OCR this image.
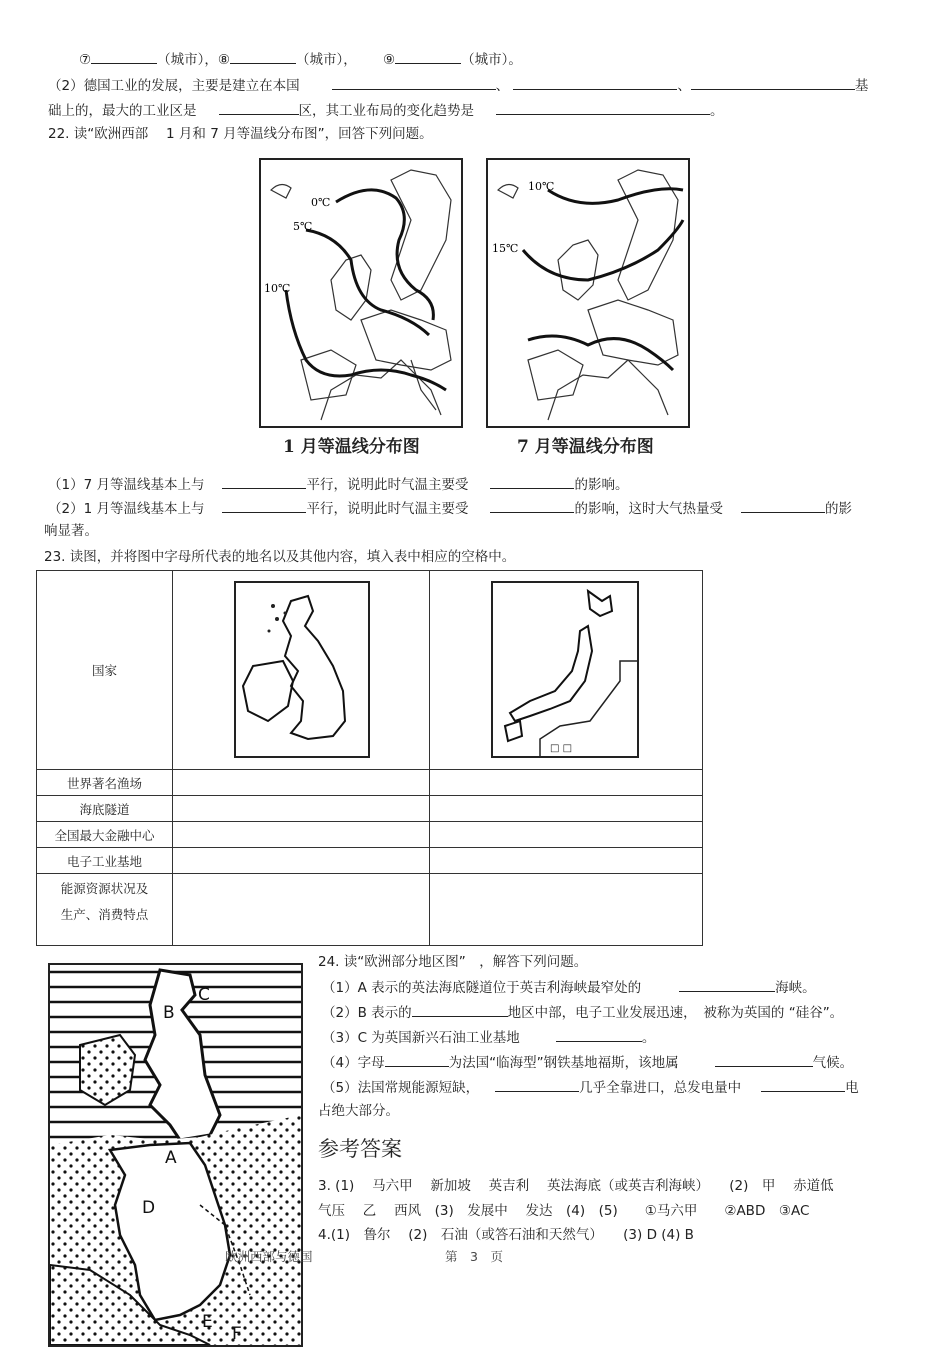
⑦	（城市），⑧	（城市）， ⑨	（城市）。
（2）德国工业的发展，主要是建立在本国	、	、	基
础上的，最大的工业区是	区，其工业布局的变化趋势是	。
22. 读“欧洲西部 　1 月和 7 月等温线分布图”，回答下列问题。
0℃
5℃
10℃
1 月等温线分布图
10℃
15℃
7 月等温线分布图
（1）7 月等温线基本上与	平行，说明此时气温主要受	的影响。
（2）1 月等温线基本上与	平行，说明此时气温主要受	的影响，这时大气热量受	的影
响显著。
23. 读图，并将图中字母所代表的地名以及其他内容，填入表中相应的空格中。
国家		□ □

世界著名渔场		
海底隧道		
全国最大金融中心		
电子工业基地		

能源资源状况及
生产、消费特点		

A
B
C
D
E
F
24. 读“欧洲部分地区图”　，解答下列问题。
（1）A 表示的英法海底隧道位于英吉利海峡最窄处的	海峡。
（2）B 表示的	地区中部，电子工业发展迅速，　被称为英国的 “硅谷”。
（3）C 为英国新兴石油工业基地	。
（4）字母	为法国“临海型”钢铁基地福斯，该地属	气候。
（5）法国常规能源短缺，	几乎全靠进口，总发电量中	电
占绝大部分。
参考答案
3. (1)　 马六甲　 新加坡　 英吉利　 英法海底（或英吉利海峡）　　(2)　甲　 赤道低
气压　 乙　 西风　(3)　发展中　 发达　(4)　(5)　　①马六甲　　②ABD　③AC
4.(1)　鲁尔　 (2)　石油（或答石油和天然气）　　(3) D (4) B
欧洲西部与德国	第　3　页
